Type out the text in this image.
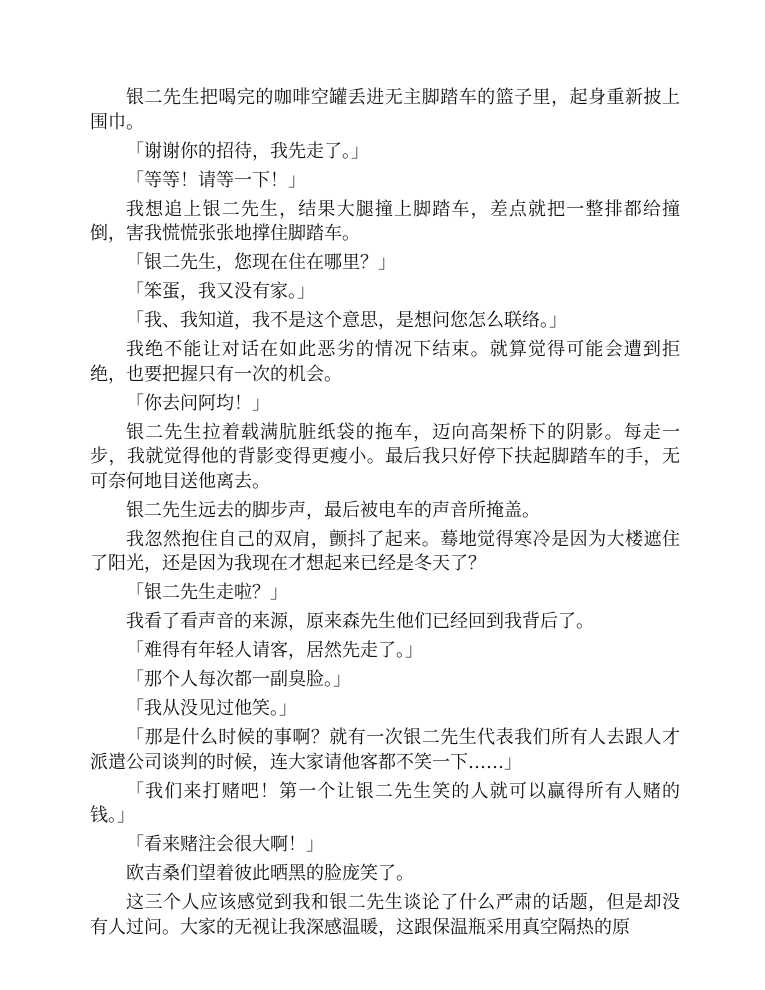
银二先生把喝完的咖啡空罐丢进无主脚踏车的篮子里，起身重新披上围巾。

「谢谢你的招待，我先走了。」

「等等！请等一下！」

我想追上银二先生，结果大腿撞上脚踏车，差点就把一整排都给撞倒，害我慌慌张张地撑住脚踏车。

「银二先生，您现在住在哪里？」

「笨蛋，我又没有家。」

「我、我知道，我不是这个意思，是想问您怎么联络。」

我绝不能让对话在如此恶劣的情况下结束。就算觉得可能会遭到拒绝，也要把握只有一次的机会。

「你去问阿均！」

银二先生拉着载满肮脏纸袋的拖车，迈向高架桥下的阴影。每走一步，我就觉得他的背影变得更瘦小。最后我只好停下扶起脚踏车的手，无可奈何地目送他离去。

银二先生远去的脚步声，最后被电车的声音所掩盖。

我忽然抱住自己的双肩，颤抖了起来。蓦地觉得寒冷是因为大楼遮住了阳光，还是因为我现在才想起来已经是冬天了？

「银二先生走啦？」

我看了看声音的来源，原来森先生他们已经回到我背后了。

「难得有年轻人请客，居然先走了。」

「那个人每次都一副臭脸。」

「我从没见过他笑。」

「那是什么时候的事啊？就有一次银二先生代表我们所有人去跟人才派遣公司谈判的时候，连大家请他客都不笑一下……」

「我们来打赌吧！第一个让银二先生笑的人就可以赢得所有人赌的钱。」

「看来赌注会很大啊！」

欧吉桑们望着彼此晒黑的脸庞笑了。

这三个人应该感觉到我和银二先生谈论了什么严肃的话题，但是却没有人过问。大家的无视让我深感温暖，这跟保温瓶采用真空隔热的原
